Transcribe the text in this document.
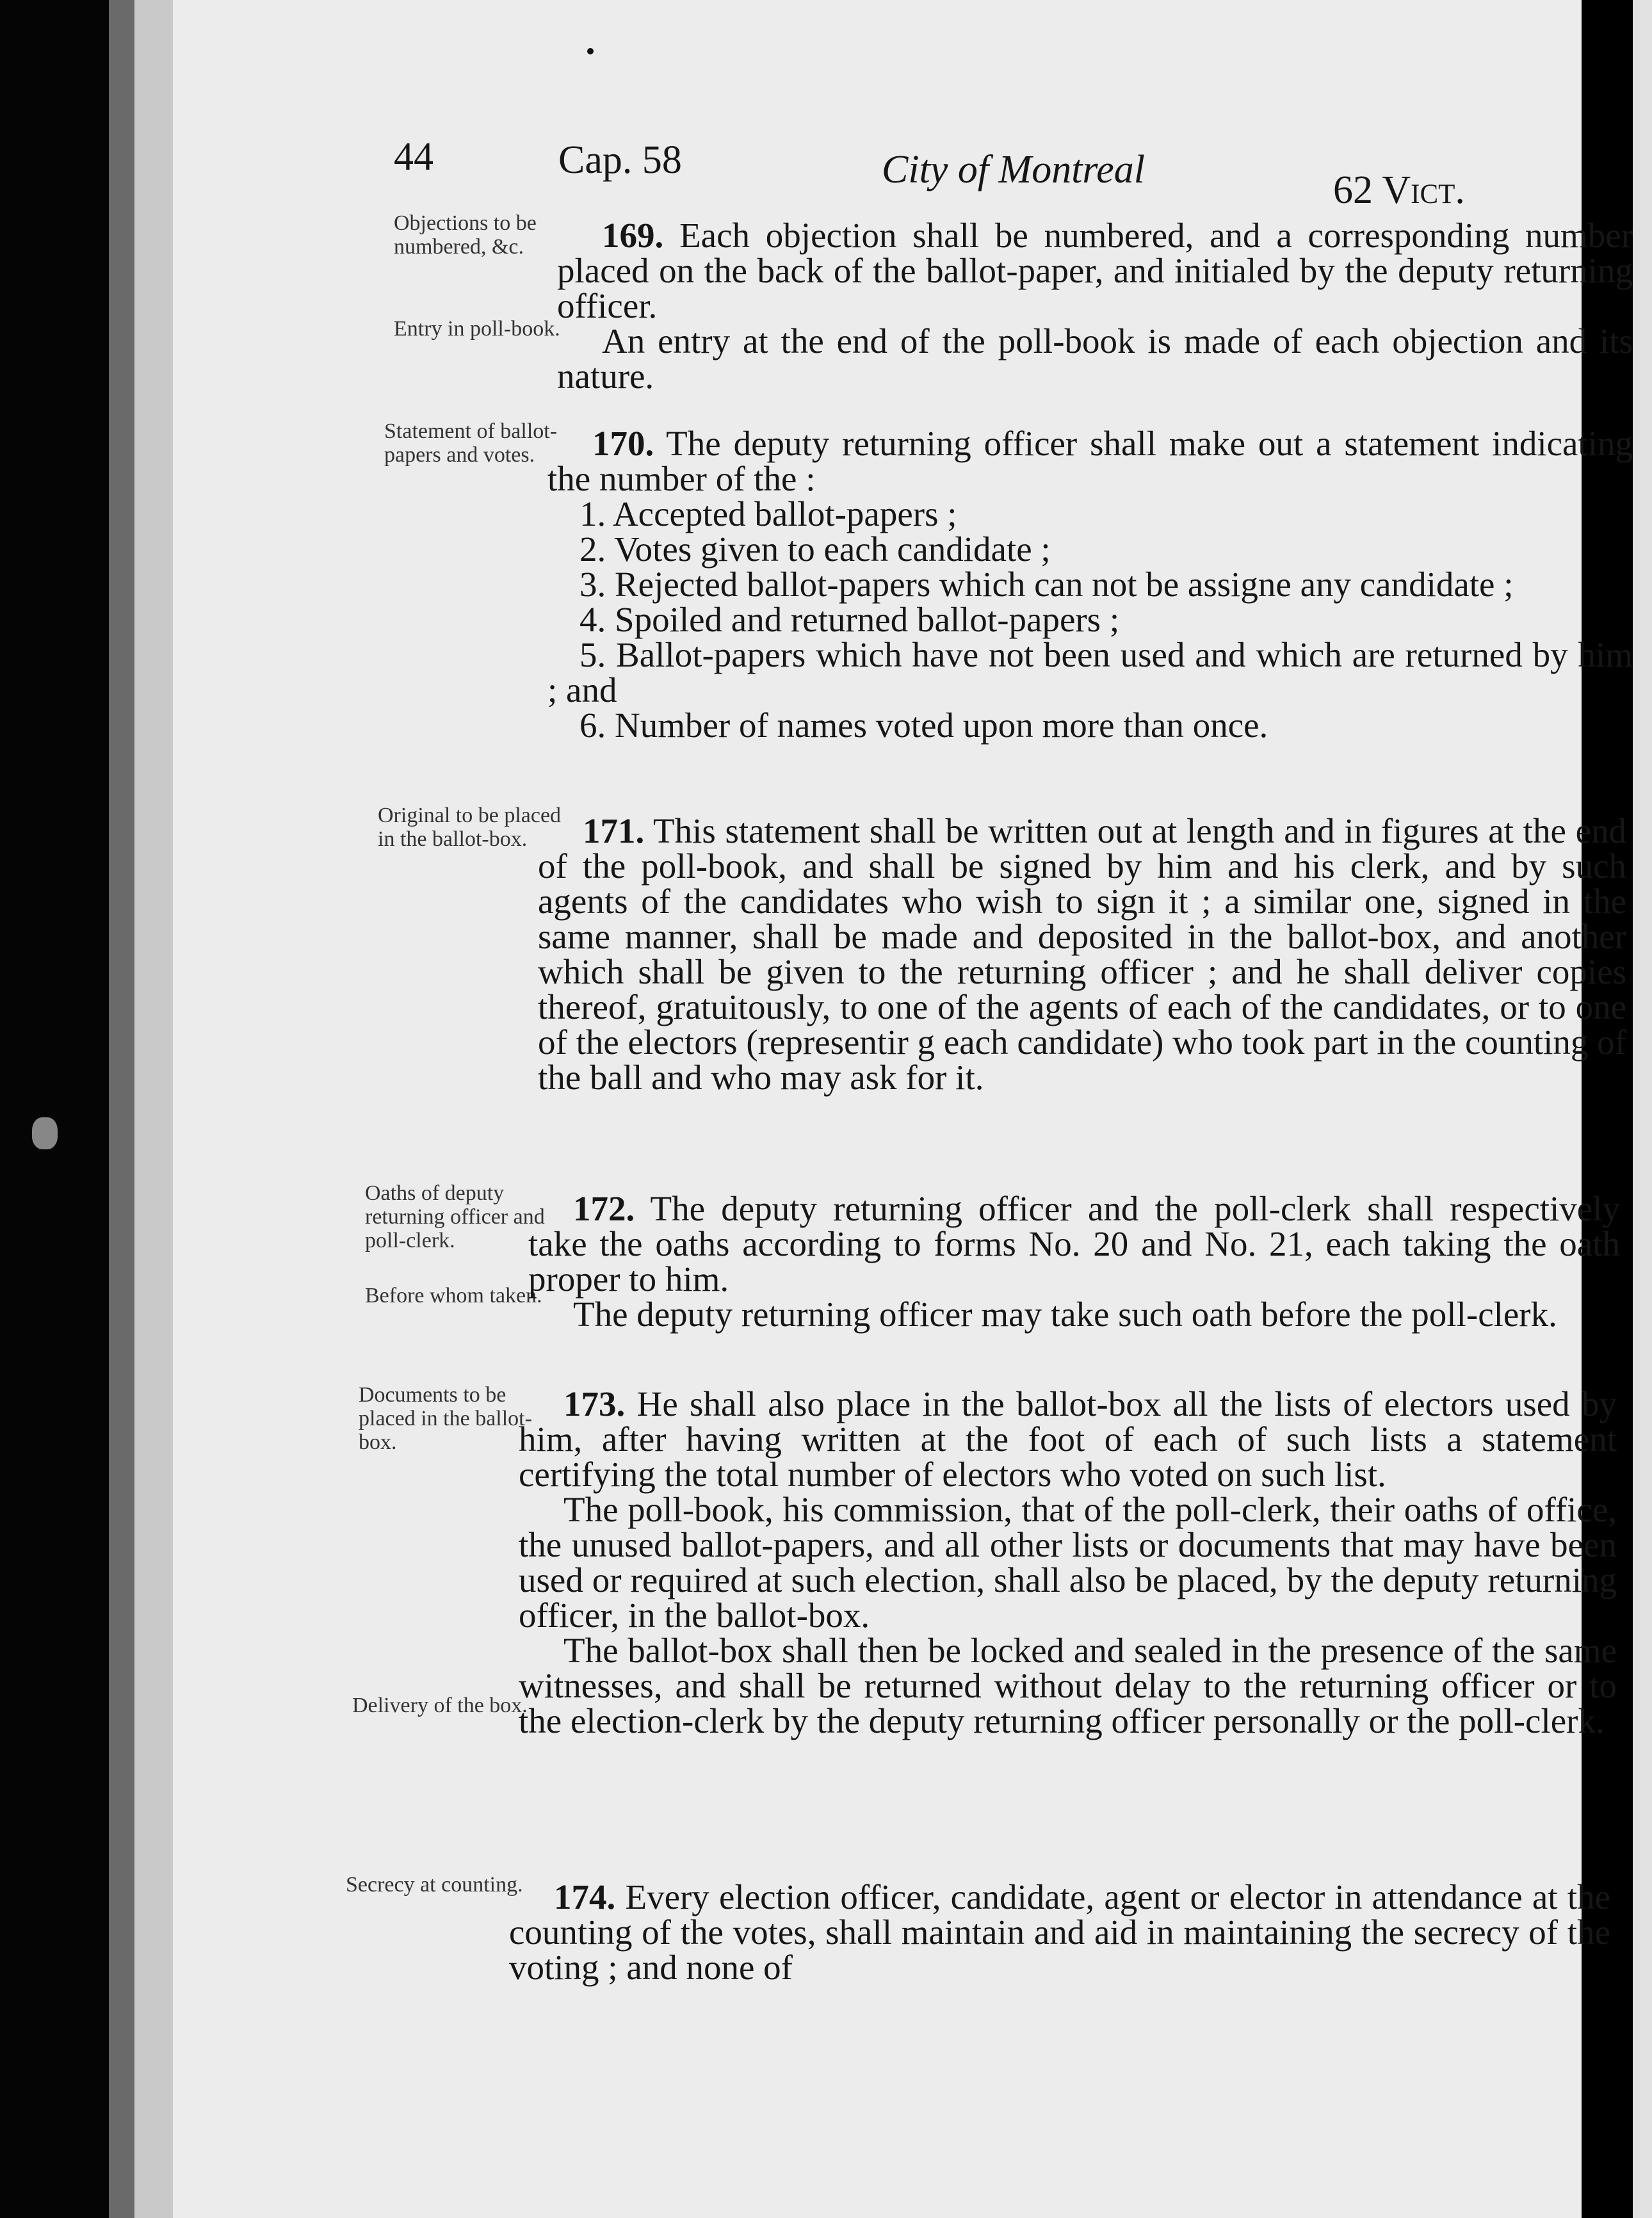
44	Cap. 58	City of Montreal	62 Vict.
Objections to be numbered, &c.
Entry in poll-book.

169. Each objection shall be numbered, and a corresponding number placed on the back of the ballot-paper, and initialed by the deputy returning officer.

An entry at the end of the poll-book is made of each objection and its nature.

Statement of ballot-papers and votes.	170. The deputy returning officer shall make out a statement indicating the number of the :

1. Accepted ballot-papers ;

2. Votes given to each candidate ;

3. Rejected ballot-papers which can not be assigne any candidate ;

4. Spoiled and returned ballot-papers ;

5. Ballot-papers which have not been used and which are returned by him ; and

6. Number of names voted upon more than once.

Original to be placed in the ballot-box.	171. This statement shall be written out at length and in figures at the end of the poll-book, and shall be signed by him and his clerk, and by such agents of the candidates who wish to sign it ; a similar one, signed in the same manner, shall be made and deposited in the ballot-box, and another which shall be given to the returning officer ; and he shall deliver copies thereof, gratuitously, to one of the agents of each of the candidates, or to one of the electors (representir g each candidate) who took part in the counting of the ball and who may ask for it.

Oaths of deputy returning officer and poll-clerk.
Before whom taken.

172. The deputy returning officer and the poll-clerk shall respectively take the oaths according to forms No. 20 and No. 21, each taking the oath proper to him.

The deputy returning officer may take such oath before the poll-clerk.

Documents to be placed in the ballot-box.
Delivery of the box.

173. He shall also place in the ballot-box all the lists of electors used by him, after having written at the foot of each of such lists a statement certifying the total number of electors who voted on such list.

The poll-book, his commission, that of the poll-clerk, their oaths of office, the unused ballot-papers, and all other lists or documents that may have been used or required at such election, shall also be placed, by the deputy returning officer, in the ballot-box.

The ballot-box shall then be locked and sealed in the presence of the same witnesses, and shall be returned without delay to the returning officer or to the election-clerk by the deputy returning officer personally or the poll-clerk.

Secrecy at counting. 174. Every election officer, candidate, agent or elector in attendance at the counting of the votes, shall maintain and aid in maintaining the secrecy of the voting ; and none of
